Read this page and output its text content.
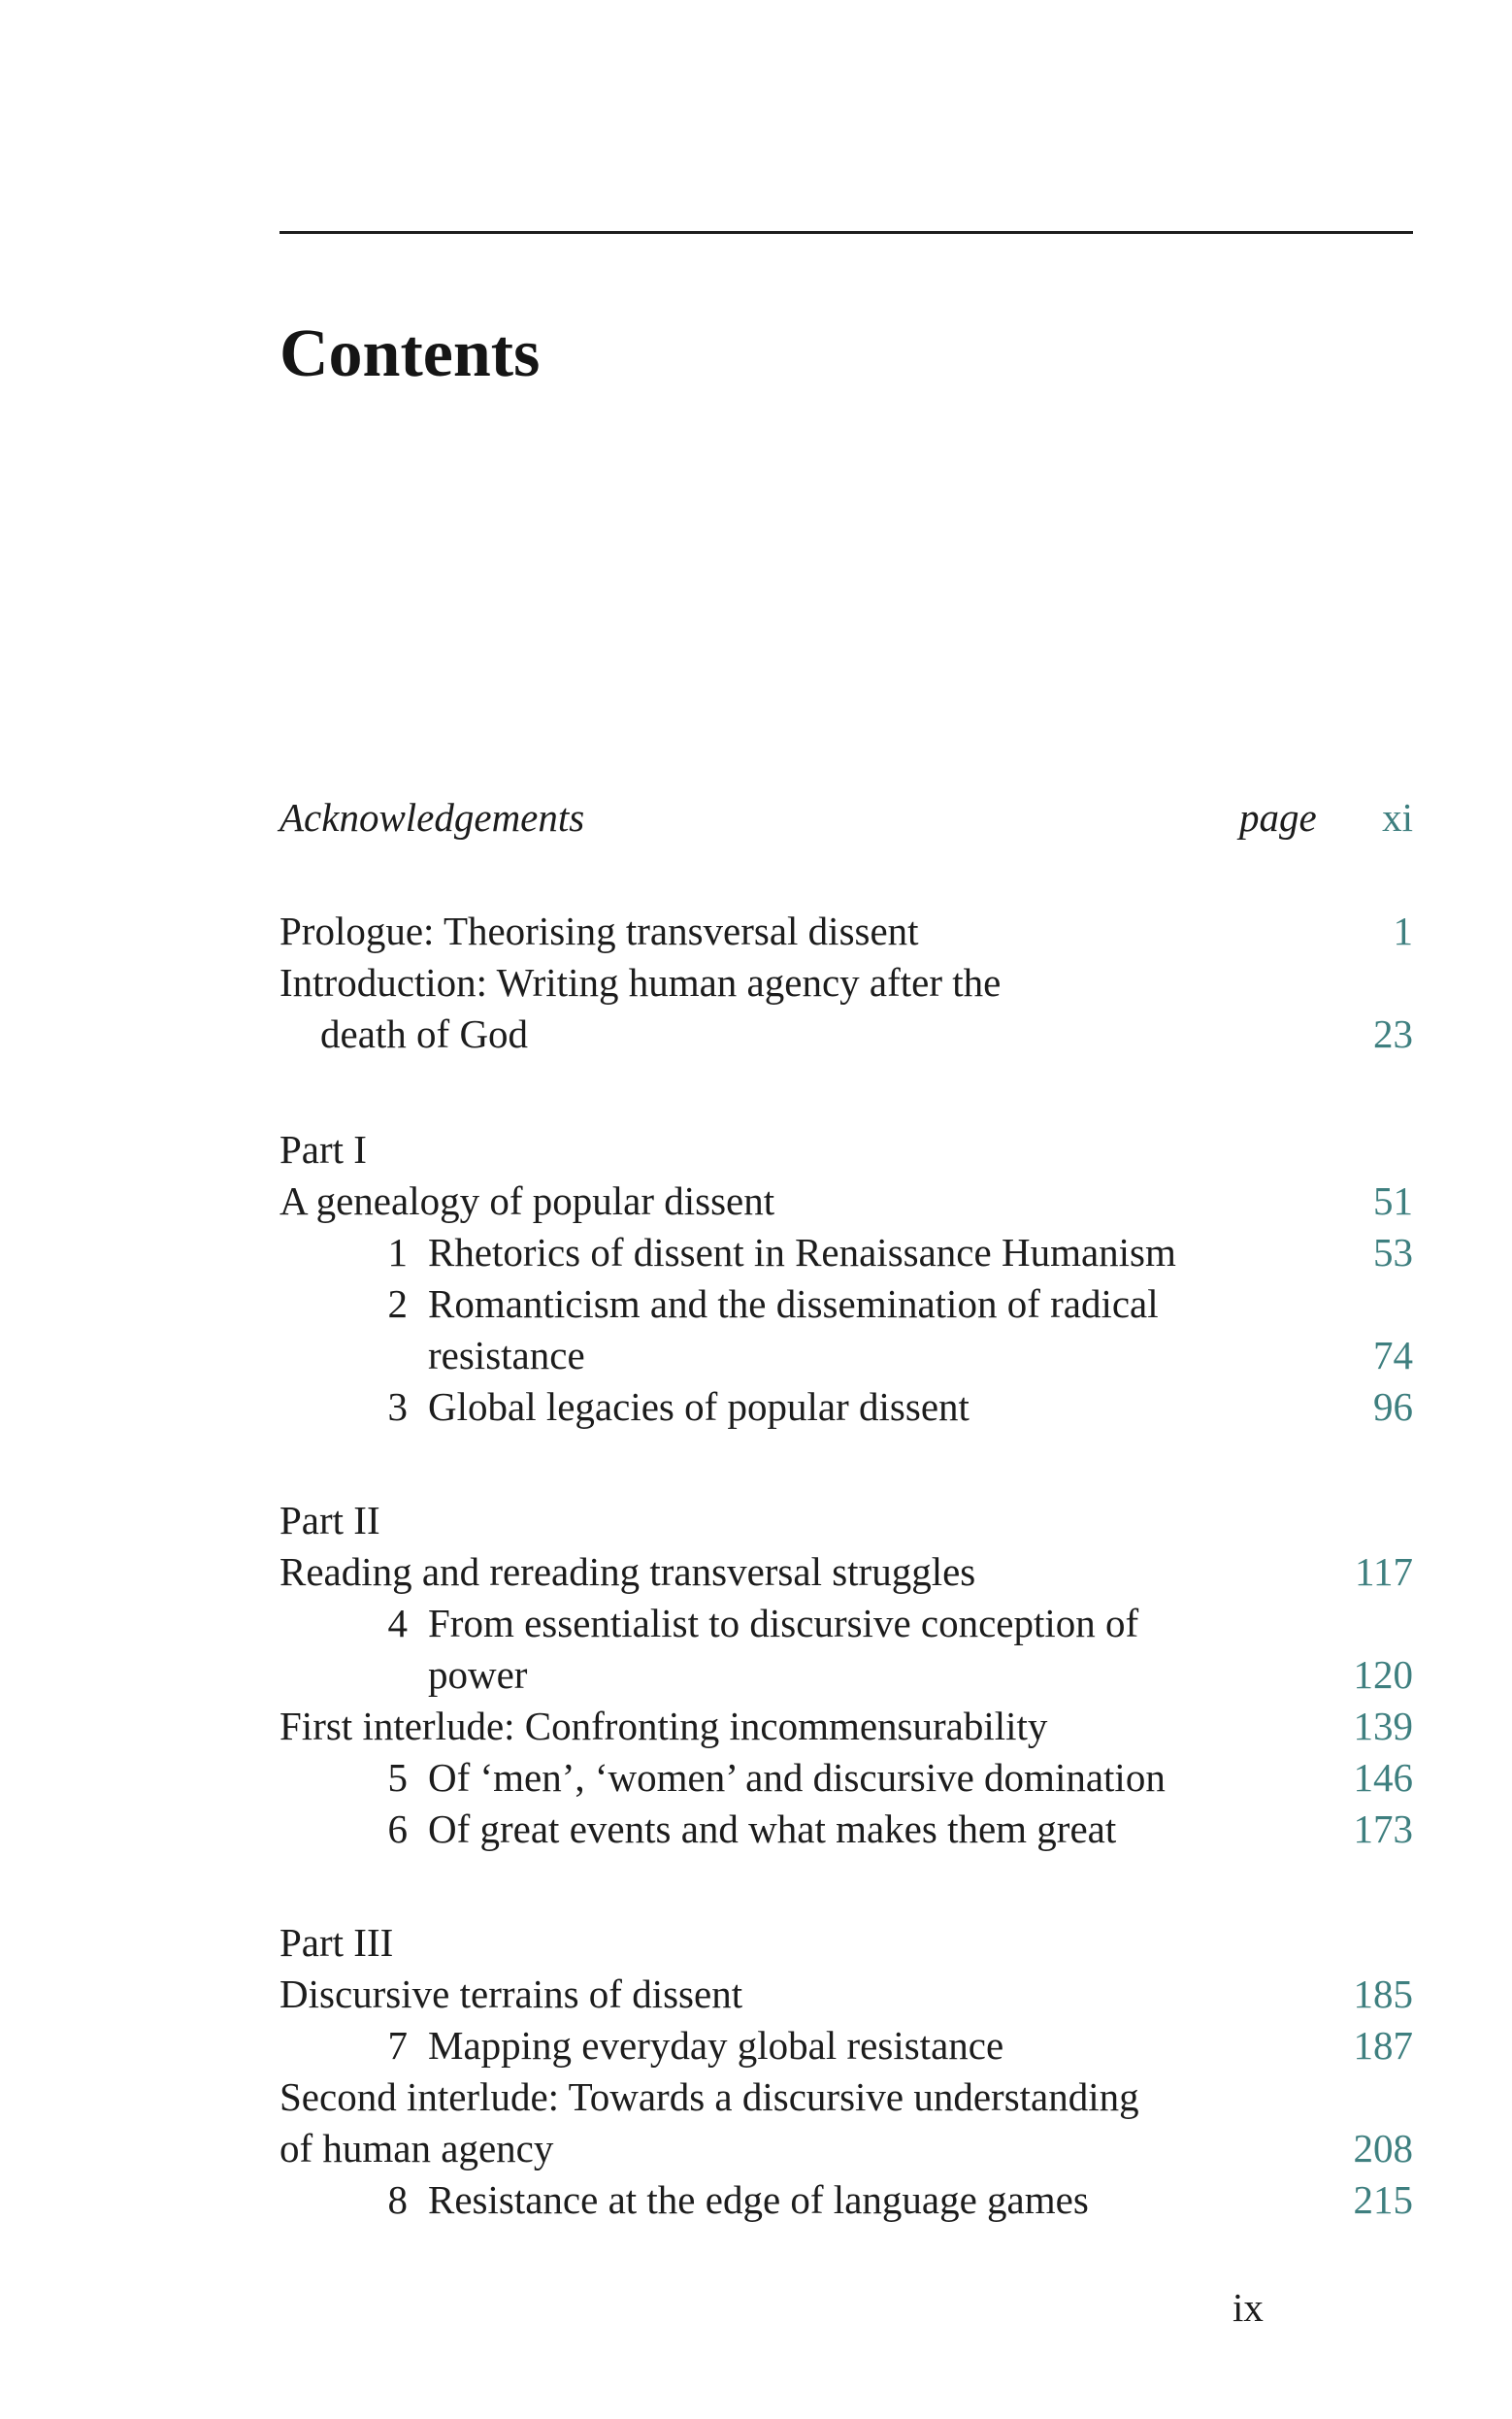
Contents
Acknowledgements	page xi
Prologue: Theorising transversal dissent	1
Introduction: Writing human agency after the
death of God	23
Part I
A genealogy of popular dissent	51
1 Rhetorics of dissent in Renaissance Humanism	53
2 Romanticism and the dissemination of radical
resistance	74
3 Global legacies of popular dissent	96
Part II
Reading and rereading transversal struggles	117
4 From essentialist to discursive conception of
power	120
First interlude: Confronting incommensurability	139
5 Of ‘men’, ‘women’ and discursive domination	146
6 Of great events and what makes them great	173
Part III
Discursive terrains of dissent	185
7 Mapping everyday global resistance	187
Second interlude: Towards a discursive understanding
of human agency	208
8 Resistance at the edge of language games	215
ix
